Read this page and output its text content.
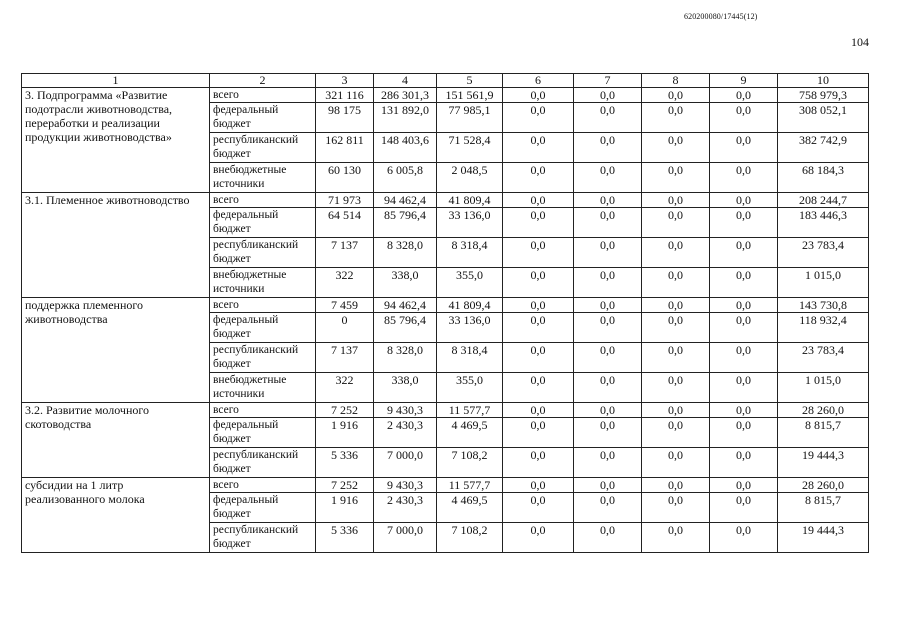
620200080/17445(12)
104
1	2	3	4	5	6	7	8	9	10
3. Подпрограмма «Развитие подотрасли животноводства, переработки и реализации продукции животноводства»	всего	321 116	286 301,3	151 561,9	0,0	0,0	0,0	0,0	758 979,3
	федеральный бюджет	98 175	131 892,0	77 985,1	0,0	0,0	0,0	0,0	308 052,1
	республиканский бюджет	162 811	148 403,6	71 528,4	0,0	0,0	0,0	0,0	382 742,9
	внебюджетные источники	60 130	6 005,8	2 048,5	0,0	0,0	0,0	0,0	68 184,3
3.1. Племенное животноводство	всего	71 973	94 462,4	41 809,4	0,0	0,0	0,0	0,0	208 244,7
	федеральный бюджет	64 514	85 796,4	33 136,0	0,0	0,0	0,0	0,0	183 446,3
	республиканский бюджет	7 137	8 328,0	8 318,4	0,0	0,0	0,0	0,0	23 783,4
	внебюджетные источники	322	338,0	355,0	0,0	0,0	0,0	0,0	1 015,0
поддержка племенного животноводства	всего	7 459	94 462,4	41 809,4	0,0	0,0	0,0	0,0	143 730,8
	федеральный бюджет	0	85 796,4	33 136,0	0,0	0,0	0,0	0,0	118 932,4
	республиканский бюджет	7 137	8 328,0	8 318,4	0,0	0,0	0,0	0,0	23 783,4
	внебюджетные источники	322	338,0	355,0	0,0	0,0	0,0	0,0	1 015,0
3.2. Развитие молочного скотоводства	всего	7 252	9 430,3	11 577,7	0,0	0,0	0,0	0,0	28 260,0
	федеральный бюджет	1 916	2 430,3	4 469,5	0,0	0,0	0,0	0,0	8 815,7
	республиканский бюджет	5 336	7 000,0	7 108,2	0,0	0,0	0,0	0,0	19 444,3
субсидии на 1 литр реализованного молока	всего	7 252	9 430,3	11 577,7	0,0	0,0	0,0	0,0	28 260,0
	федеральный бюджет	1 916	2 430,3	4 469,5	0,0	0,0	0,0	0,0	8 815,7
	республиканский бюджет	5 336	7 000,0	7 108,2	0,0	0,0	0,0	0,0	19 444,3
